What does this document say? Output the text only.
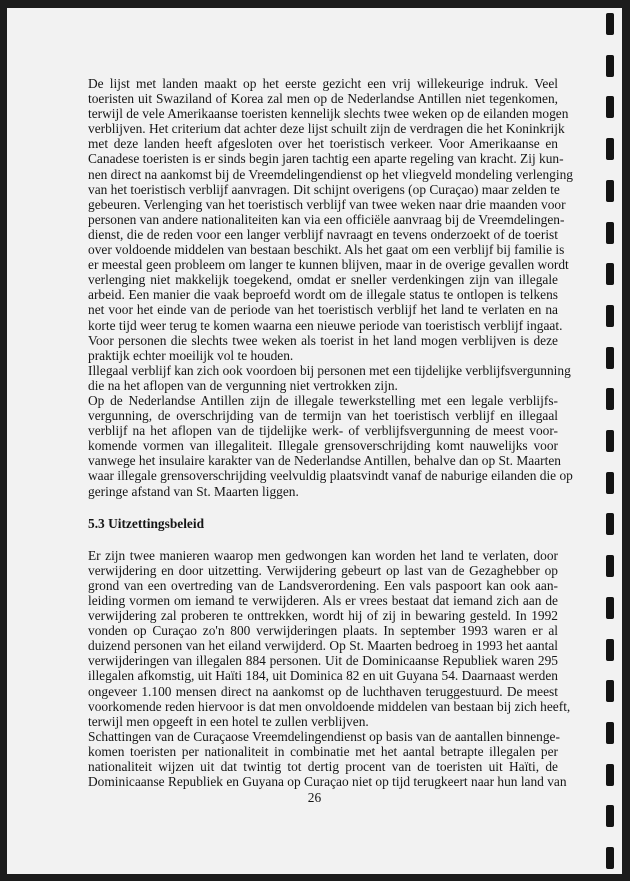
De lijst met landen maakt op het eerste gezicht een vrij willekeurige indruk. Veel
toeristen uit Swaziland of Korea zal men op de Nederlandse Antillen niet tegenkomen,
terwijl de vele Amerikaanse toeristen kennelijk slechts twee weken op de eilanden mogen
verblijven. Het criterium dat achter deze lijst schuilt zijn de verdragen die het Koninkrijk
met deze landen heeft afgesloten over het toeristisch verkeer. Voor Amerikaanse en
Canadese toeristen is er sinds begin jaren tachtig een aparte regeling van kracht. Zij kun-
nen direct na aankomst bij de Vreemdelingendienst op het vliegveld mondeling verlenging
van het toeristisch verblijf aanvragen. Dit schijnt overigens (op Curaçao) maar zelden te
gebeuren. Verlenging van het toeristisch verblijf van twee weken naar drie maanden voor
personen van andere nationaliteiten kan via een officiële aanvraag bij de Vreemdelingen-
dienst, die de reden voor een langer verblijf navraagt en tevens onderzoekt of de toerist
over voldoende middelen van bestaan beschikt. Als het gaat om een verblijf bij familie is
er meestal geen probleem om langer te kunnen blijven, maar in de overige gevallen wordt
verlenging niet makkelijk toegekend, omdat er sneller verdenkingen zijn van illegale
arbeid. Een manier die vaak beproefd wordt om de illegale status te ontlopen is telkens
net voor het einde van de periode van het toeristisch verblijf het land te verlaten en na
korte tijd weer terug te komen waarna een nieuwe periode van toeristisch verblijf ingaat.
Voor personen die slechts twee weken als toerist in het land mogen verblijven is deze
praktijk echter moeilijk vol te houden.
Illegaal verblijf kan zich ook voordoen bij personen met een tijdelijke verblijfsvergunning
die na het aflopen van de vergunning niet vertrokken zijn.
Op de Nederlandse Antillen zijn de illegale tewerkstelling met een legale verblijfs-
vergunning, de overschrijding van de termijn van het toeristisch verblijf en illegaal
verblijf na het aflopen van de tijdelijke werk- of verblijfsvergunning de meest voor-
komende vormen van illegaliteit. Illegale grensoverschrijding komt nauwelijks voor
vanwege het insulaire karakter van de Nederlandse Antillen, behalve dan op St. Maarten
waar illegale grensoverschrijding veelvuldig plaatsvindt vanaf de naburige eilanden die op
geringe afstand van St. Maarten liggen.
5.3 Uitzettingsbeleid
Er zijn twee manieren waarop men gedwongen kan worden het land te verlaten, door
verwijdering en door uitzetting. Verwijdering gebeurt op last van de Gezaghebber op
grond van een overtreding van de Landsverordening. Een vals paspoort kan ook aan-
leiding vormen om iemand te verwijderen. Als er vrees bestaat dat iemand zich aan de
verwijdering zal proberen te onttrekken, wordt hij of zij in bewaring gesteld. In 1992
vonden op Curaçao zo'n 800 verwijderingen plaats. In september 1993 waren er al
duizend personen van het eiland verwijderd. Op St. Maarten bedroeg in 1993 het aantal
verwijderingen van illegalen 884 personen. Uit de Dominicaanse Republiek waren 295
illegalen afkomstig, uit Haïti 184, uit Dominica 82 en uit Guyana 54. Daarnaast werden
ongeveer 1.100 mensen direct na aankomst op de luchthaven teruggestuurd. De meest
voorkomende reden hiervoor is dat men onvoldoende middelen van bestaan bij zich heeft,
terwijl men opgeeft in een hotel te zullen verblijven.
Schattingen van de Curaçaose Vreemdelingendienst op basis van de aantallen binnenge-
komen toeristen per nationaliteit in combinatie met het aantal betrapte illegalen per
nationaliteit wijzen uit dat twintig tot dertig procent van de toeristen uit Haïti, de
Dominicaanse Republiek en Guyana op Curaçao niet op tijd terugkeert naar hun land van
26
